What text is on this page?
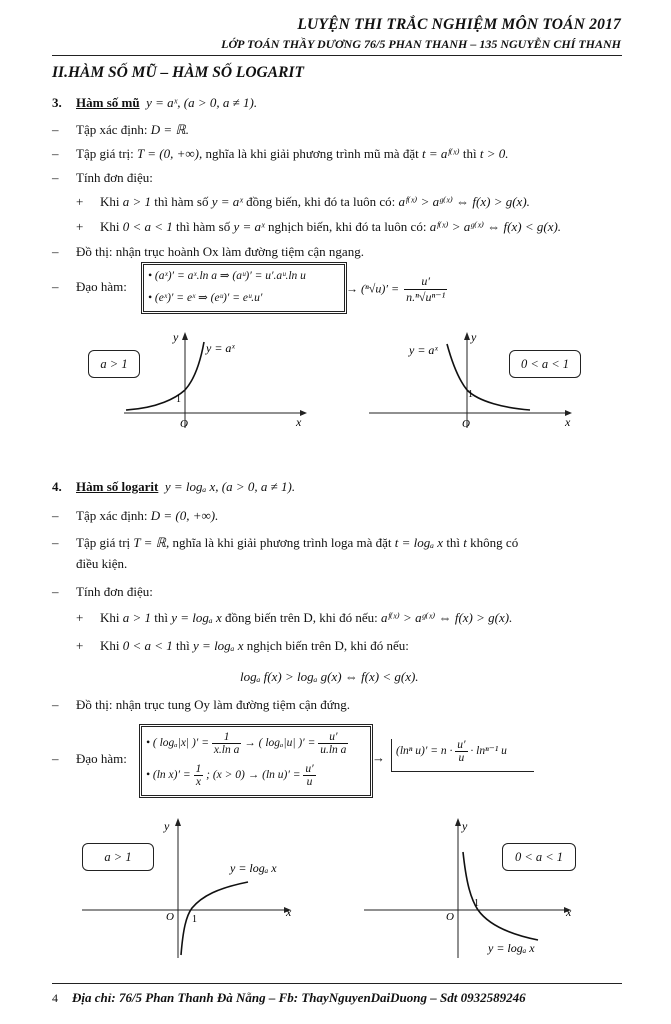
LUYỆN THI TRẮC NGHIỆM MÔN TOÁN 2017
LỚP TOÁN THẦY DƯƠNG 76/5 PHAN THANH – 135 NGUYỄN CHÍ THANH
II.HÀM SỐ MŨ – HÀM SỐ LOGARIT
3. Hàm số mũ y = aˣ, (a > 0, a ≠ 1).
– Tập xác định: D = ℝ.
– Tập giá trị: T = (0, +∞), nghĩa là khi giải phương trình mũ mà đặt t = aᶠ⁽ˣ⁾ thì t > 0.
– Tính đơn điệu:
+ Khi a > 1 thì hàm số y = aˣ đồng biến, khi đó ta luôn có: aᶠ⁽ˣ⁾ > aᵍ⁽ˣ⁾ ⇔ f(x) > g(x).
+ Khi 0 < a < 1 thì hàm số y = aˣ nghịch biến, khi đó ta luôn có: aᶠ⁽ˣ⁾ > aᵍ⁽ˣ⁾ ⇔ f(x) < g(x).
– Đồ thị: nhận trục hoành Ox làm đường tiệm cận ngang.
– Đạo hàm:
• (aˣ)′ = aˣ.ln a ⇒ (aᵘ)′ = u′.aᵘ.ln u
• (eˣ)′ = eˣ ⇒ (eᵘ)′ = eᵘ.u′
→ $(^n√u)' = \frac{u'}{\text{n.ⁿ√uⁿ⁻¹}}$
a > 1
y
y = aˣ
1
O	x
y
y = aˣ
1
O	x
0 < a < 1
4. Hàm số logarit y = logₐ x, (a > 0, a ≠ 1).
– Tập xác định: D = (0, +∞).
– Tập giá trị T = ℝ, nghĩa là khi giải phương trình loga mà đặt t = logₐ x thì t không có
điều kiện.
– Tính đơn điệu:
+ Khi a > 1 thì y = logₐ x đồng biến trên D, khi đó nếu: aᶠ⁽ˣ⁾ > aᵍ⁽ˣ⁾ ⇔ f(x) > g(x).
+ Khi 0 < a < 1 thì y = logₐ x nghịch biến trên D, khi đó nếu:
logₐ f(x) > logₐ g(x) ⇔ f(x) < g(x).
– Đồ thị: nhận trục tung Oy làm đường tiệm cận đứng.
– Đạo hàm:
• ( logₐ|x| )′ = $\frac{1}{\text{x.ln a}}$ → ( logₐ|u| )′ = $\frac{u'}{\text{u.ln a}}$
• (ln $x)' = \frac{1}{x}$ ; (x > 0) → (ln $u)' = \frac{u'}{u}$
→ (lnⁿ $u)' = n \cdot \frac{u'}{u} \cdot \ln^{n-1}$ u
a > 1
y
y = logₐ x
O 1
x
y
y = logₐ x
O
1
x
0 < a < 1
4 Địa chỉ: 76/5 Phan Thanh Đà Nẵng – Fb: ThayNguyenDaiDuong – Sdt 0932589246
